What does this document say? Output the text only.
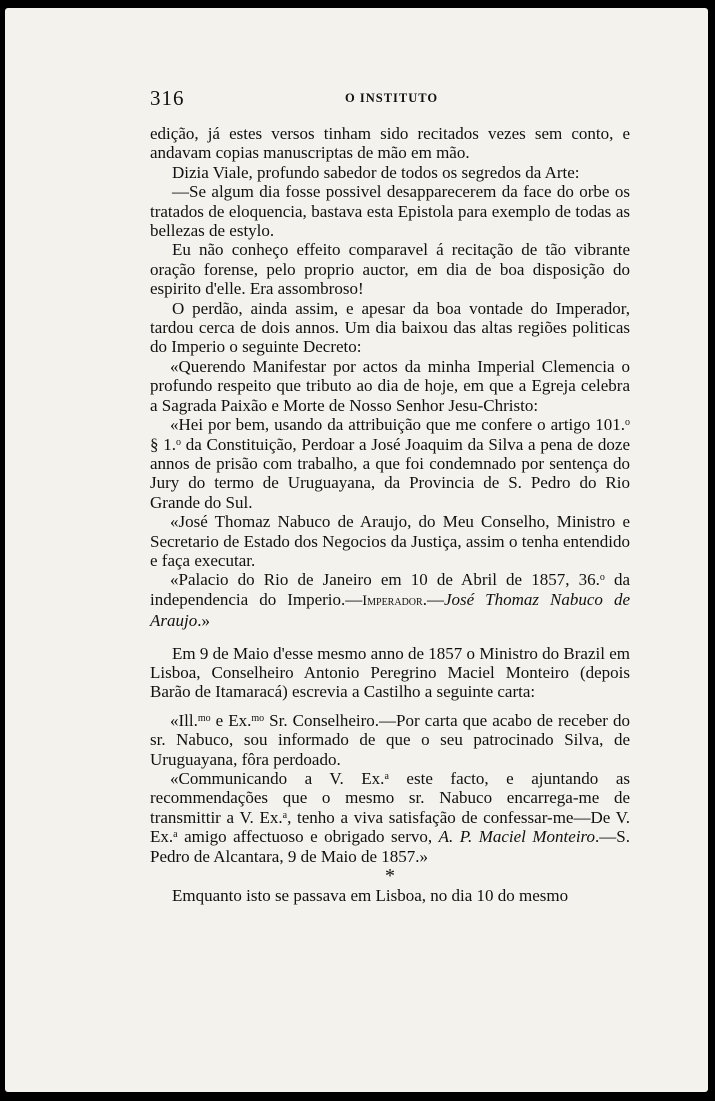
316	O INSTITUTO

edição, já estes versos tinham sido recitados vezes sem conto, e andavam copias manuscriptas de mão em mão.

Dizia Viale, profundo sabedor de todos os segredos da Arte:

—Se algum dia fosse possivel desapparecerem da face do orbe os tratados de eloquencia, bastava esta Epistola para exemplo de todas as bellezas de estylo.

Eu não conheço effeito comparavel á recitação de tão vibrante oração forense, pelo proprio auctor, em dia de boa disposição do espirito d'elle. Era assombroso!

O perdão, ainda assim, e apesar da boa vontade do Imperador, tardou cerca de dois annos. Um dia baixou das altas regiões politicas do Imperio o seguinte Decreto:

«Querendo Manifestar por actos da minha Imperial Clemencia o profundo respeito que tributo ao dia de hoje, em que a Egreja celebra a Sagrada Paixão e Morte de Nosso Senhor Jesu-Christo:

«Hei por bem, usando da attribuição que me confere o artigo 101.$^o$ § 1.$^o$ da Constituição, Perdoar a José Joaquim da Silva a pena de doze annos de prisão com trabalho, a que foi condemnado por sentença do Jury do termo de Uruguayana, da Provincia de S. Pedro do Rio Grande do Sul.

«José Thomaz Nabuco de Araujo, do Meu Conselho, Ministro e Secretario de Estado dos Negocios da Justiça, assim o tenha entendido e faça executar.

«Palacio do Rio de Janeiro em 10 de Abril de 1857, 36.$^o$ da independencia do Imperio.—Imperador.—José Thomaz Nabuco de Araujo.»

Em 9 de Maio d'esse mesmo anno de 1857 o Ministro do Brazil em Lisboa, Conselheiro Antonio Peregrino Maciel Monteiro (depois Barão de Itamaracá) escrevia a Castilho a seguinte carta:

«Ill.$^{mo}$ e Ex.$^{mo}$ Sr. Conselheiro.—Por carta que acabo de receber do sr. Nabuco, sou informado de que o seu patrocinado Silva, de Uruguayana, fôra perdoado.

«Communicando a V. Ex.$^a$ este facto, e ajuntando as recommendações que o mesmo sr. Nabuco encarrega-me de transmittir a V. Ex.$^a$, tenho a viva satisfação de confessar-me—De V. Ex.$^a$ amigo affectuoso e obrigado servo, A. P. Maciel Monteiro.—S. Pedro de Alcantara, 9 de Maio de 1857.»

*

Emquanto isto se passava em Lisboa, no dia 10 do mesmo
